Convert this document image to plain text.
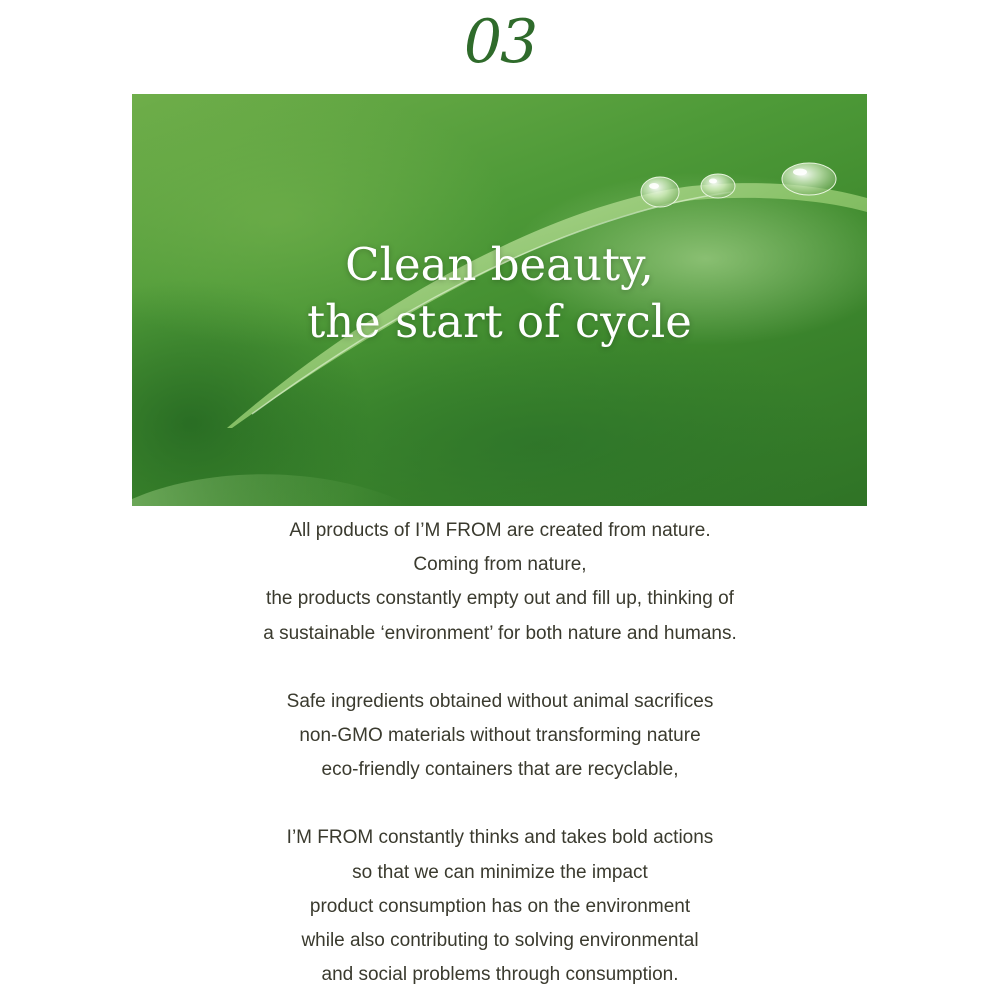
03
Clean beauty,
the start of cycle

All products of I’M FROM are created from nature.
Coming from nature,
the products constantly empty out and fill up, thinking of
a sustainable ‘environment’ for both nature and humans.

Safe ingredients obtained without animal sacrifices
non-GMO materials without transforming nature
eco-friendly containers that are recyclable,

I’M FROM constantly thinks and takes bold actions
so that we can minimize the impact
product consumption has on the environment
while also contributing to solving environmental
and social problems through consumption.
